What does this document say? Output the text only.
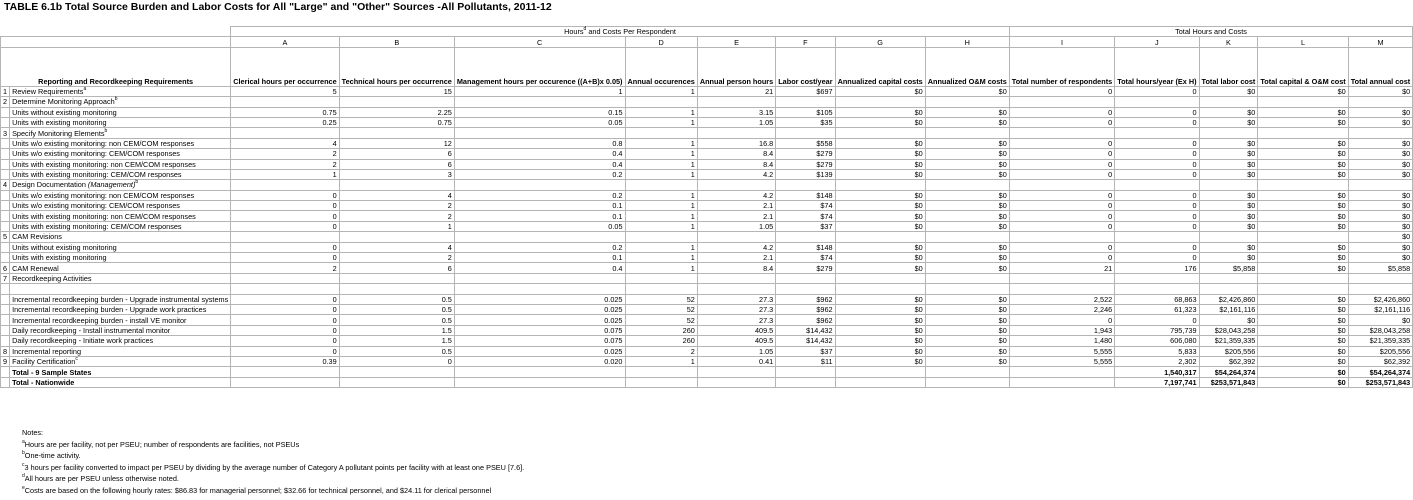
TABLE 6.1b Total Source Burden and Labor Costs for All "Large" and "Other" Sources -All Pollutants, 2011-12
		Hours$^d$ and Costs Per Respondent								Total Hours and Costs				
		A	B	C	D	E	F	G	H	I	J	K	L	M
Reporting and Recordkeeping Requirements		Clerical hours per occurrence	Technical hours per occurrence	Management hours per occurence ((A+B)x 0.05)	Annual occurences	Annual person hours	Labor cost/year	Annualized capital costs	Annualized O&M costs	Total number of respondents	Total hours/year (Ex H)	Total labor cost	Total capital & O&M cost	Total annual cost
1	Review Requirements$^a$	5	15	1	1	21	$697	$0	$0	0	0	$0	$0	$0
2	Determine Monitoring Approach$^b$													
	Units without existing monitoring	0.75	2.25	0.15	1	3.15	$105	$0	$0	0	0	$0	$0	$0
	Units with existing monitoring	0.25	0.75	0.05	1	1.05	$35	$0	$0	0	0	$0	$0	$0
3	Specify Monitoring Elements$^b$													
	Units w/o existing monitoring: non CEM/COM responses	4	12	0.8	1	16.8	$558	$0	$0	0	0	$0	$0	$0
	Units w/o existing monitoring: CEM/COM responses	2	6	0.4	1	8.4	$279	$0	$0	0	0	$0	$0	$0
	Units with existing monitoring: non CEM/COM responses	2	6	0.4	1	8.4	$279	$0	$0	0	0	$0	$0	$0
	Units with existing monitoring: CEM/COM responses	1	3	0.2	1	4.2	$139	$0	$0	0	0	$0	$0	$0
4	Design Documentation (Management)$^b$													
	Units w/o existing monitoring: non CEM/COM responses	0	4	0.2	1	4.2	$148	$0	$0	0	0	$0	$0	$0
	Units w/o existing monitoring: CEM/COM responses	0	2	0.1	1	2.1	$74	$0	$0	0	0	$0	$0	$0
	Units with existing monitoring: non CEM/COM responses	0	2	0.1	1	2.1	$74	$0	$0	0	0	$0	$0	$0
	Units with existing monitoring: CEM/COM responses	0	1	0.05	1	1.05	$37	$0	$0	0	0	$0	$0	$0
5	CAM Revisions													$0
	Units without existing monitoring	0	4	0.2	1	4.2	$148	$0	$0	0	0	$0	$0	$0
	Units with existing monitoring	0	2	0.1	1	2.1	$74	$0	$0	0	0	$0	$0	$0
6	CAM Renewal	2	6	0.4	1	8.4	$279	$0	$0	21	176	$5,858	$0	$5,858
7	Recordkeeping Activities													

	Incremental recordkeeping burden - Upgrade instrumental systems	0	0.5	0.025	52	27.3	$962	$0	$0	2,522	68,863	$2,426,860	$0	$2,426,860
	Incremental recordkeeping burden - Upgrade work practices	0	0.5	0.025	52	27.3	$962	$0	$0	2,246	61,323	$2,161,116	$0	$2,161,116
	Incremental recordkeeping burden - install VE monitor	0	0.5	0.025	52	27.3	$962	$0	$0	0	0	$0	$0	$0
	Daily recordkeeping - Install instrumental monitor	0	1.5	0.075	260	409.5	$14,432	$0	$0	1,943	795,739	$28,043,258	$0	$28,043,258
	Daily recordkeeping - Initiate work practices	0	1.5	0.075	260	409.5	$14,432	$0	$0	1,480	606,080	$21,359,335	$0	$21,359,335
8	Incremental reporting	0	0.5	0.025	2	1.05	$37	$0	$0	5,555	5,833	$205,556	$0	$205,556
9	Facility Certification$^c$	0.39	0	0.020	1	0.41	$11	$0	$0	5,555	2,302	$62,392	$0	$62,392
	Total - 9 Sample States										1,540,317	$54,264,374	$0	$54,264,374
	Total - Nationwide										7,197,741	$253,571,843	$0	$253,571,843
Notes:
$^a$Hours are per facility, not per PSEU; number of respondents are facilities, not PSEUs
$^b$One-time activity.
$^c$3 hours per facility converted to impact per PSEU by dividing by the average number of Category A pollutant points per facility with at least one PSEU [7.6].
$^d$All hours are per PSEU unless otherwise noted.
$^e$Costs are based on the following hourly rates: $86.83 for managerial personnel; $32.66 for technical personnel, and $24.11 for clerical personnel
